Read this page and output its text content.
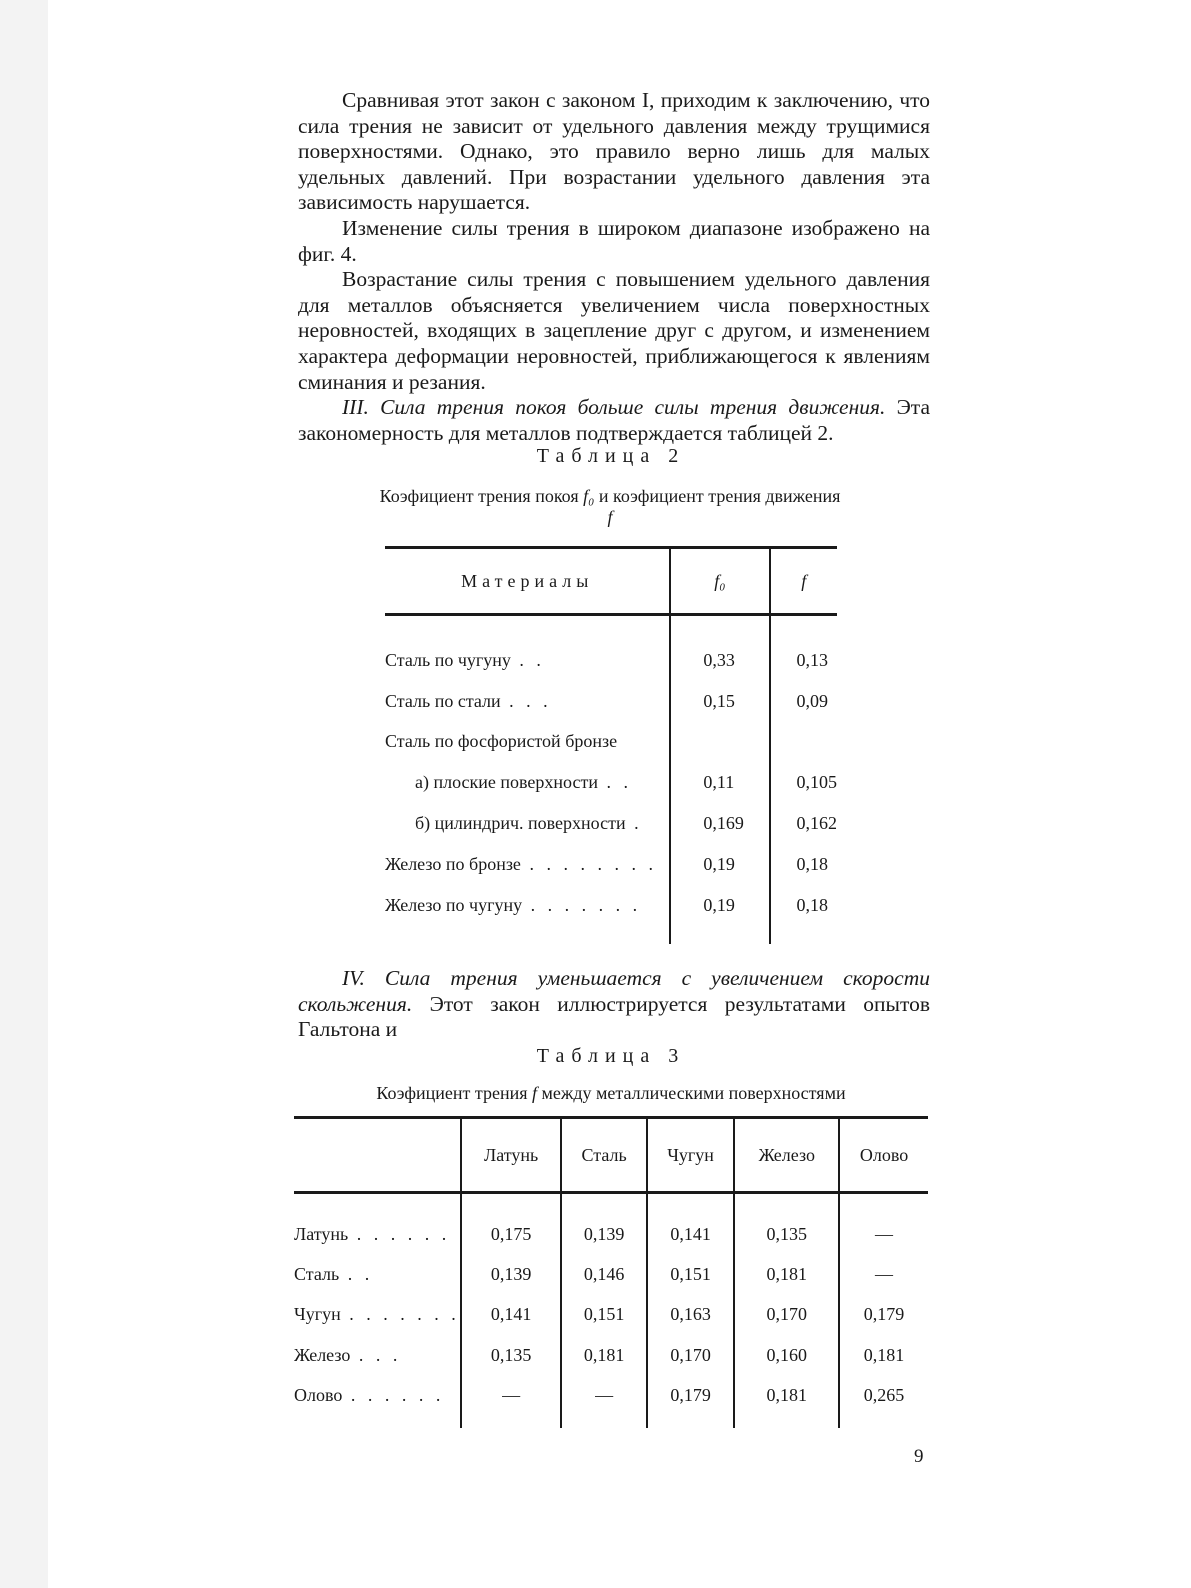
Сравнивая этот закон с законом I, приходим к заключению, что сила трения не зависит от удельного давления между трущимися поверхностями. Однако, это правило верно лишь для малых удельных давлений. При возрастании удельного давления эта зависимость нарушается.

Изменение силы трения в широком диапазоне изображено на фиг. 4.

Возрастание силы трения с повышением удельного давления для металлов объясняется увеличением числа поверхностных неровностей, входящих в зацепление друг с другом, и изменением характера деформации неровностей, приближающегося к явлениям сминания и резания.

III. Сила трения покоя больше силы трения движения. Эта закономерность для металлов подтверждается таблицей 2.

Таблица 2
Коэфициент трения покоя f₀ и коэфициент трения движения f
Материалы	f₀	f

Сталь по чугуну . .	0,33	0,13
Сталь по стали . . .	0,15	0,09
Сталь по фосфористой бронзе		
а) плоские поверхности . .	0,11	0,105
б) цилиндрич. поверхности .	0,169	0,162
Железо по бронзе . . . . . . . .	0,19	0,18
Железо по чугуну . . . . . . .	0,19	0,18

IV. Сила трения уменьшается с увеличением скорости скольжения. Этот закон иллюстрируется результатами опытов Гальтона и

Таблица 3
Коэфициент трения f между металлическими поверхностями
	Латунь	Сталь	Чугун	Железо	Олово

Латунь . . . . . .	0,175	0,139	0,141	0,135	—
Сталь . .	0,139	0,146	0,151	0,181	—
Чугун . . . . . . .	0,141	0,151	0,163	0,170	0,179
Железо . . .	0,135	0,181	0,170	0,160	0,181
Олово . . . . . .	—	—	0,179	0,181	0,265

9
